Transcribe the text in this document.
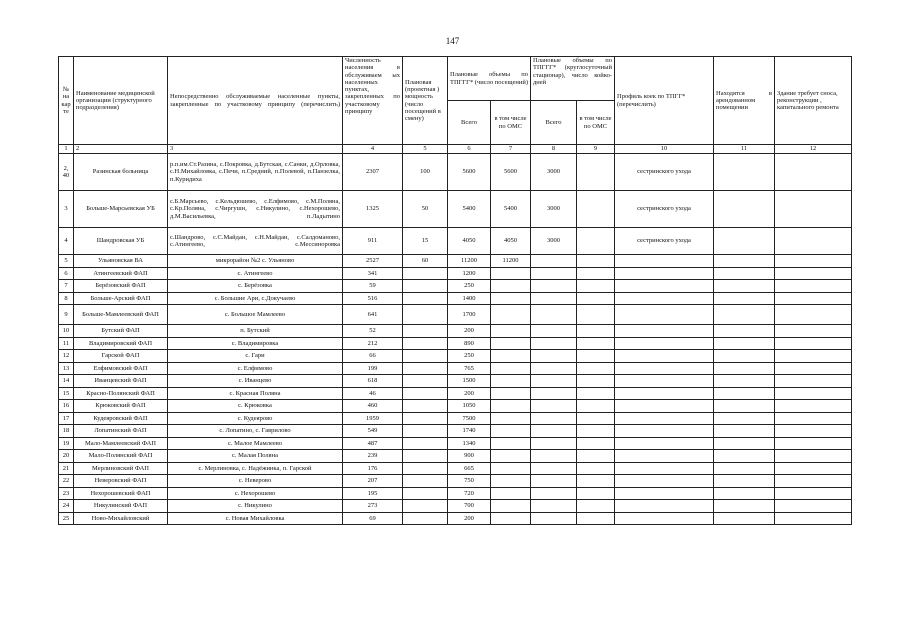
147
№ на кар те	Наименование медицинской организации (структурного подразделения)	Непосредственно обслуживаемые населенные пункты, закрепленные по участковому принципу (перечислить)	Численность населения в обслуживаем ых населенных пунктах, закрепленных по участковому принципу	Плановая (проектная ) мощность (число посещений в смену)	Плановые объемы по ТПГГГ* (число посещений)		Плановые объемы по ТПГГГ* (круглосуточный стационар), число койко-дней		Профиль коек по ТПГГ* (перечислить)	Находятся в арендованном помещении	Здание требует сноса, реконструкции , капитального ремонта
					Всего	в том числе по ОМС	Всего	в том числе по ОМС			
1	2	3	4	5	6	7	8	9	10	11	12
2, 40	Разинская больница	р.п.им.Ст.Разина, с.Покровка, д.Бутская, с.Санки, д.Орловка, с.Н.Михайловка, с.Печи, п.Средний, п.Полевой, п.Панзелка, п.Куридиха	2307	100	5600	5600	3000		сестринского ухода		
3	Больше-Марсьевская УБ	с.Б.Марсьево, с.Кельдюшево, с.Елфимово, с.М.Полянa, с.Кр.Поляна, с.Чиргушн, с.Никулино, с.Нехорошево, д.М.Васильевка, п.Ладытино	1325	50	5400	5400	3000		сестринского ухода		
4	Шандровская УБ	с.Шандровo, с.С.Майдан, с.Н.Майдан, с.Салдомановo, с.Атингеево, с.Мессиноровка	911	15	4050	4050	3000		сестринского ухода		
5	Ульяновская ВА	микрорайон №2 с. Ульяново	2527	60	11200	11200					
6	Атингеевский ФАП	с. Атингеево	341		1200						
7	Берёзовский ФАП	с. Берёзовка	59		250						
8	Больше-Арский ФАП	с. Большие Ари, с.Докучаево	516		1400						
9	Больше-Мамлеевский ФАП	с. Большое Мамлеево	641		1700						
10	Бутский ФАП	п. Бутский	52		200						
11	Владимировский ФАП	с. Владимировка	212		890						
12	Гарской ФАП	с. Гари	66		250						
13	Елфимовский ФАП	с. Елфимово	199		765						
14	Иванцевский ФАП	с. Иванцево	618		1500						
15	Красно-Полянский ФАП	с. Красная Поляна	46		200						
16	Крюковский ФАП	с. Крюковка	460		1050						
17	Кудеяровский ФАП	с. Кудеярово	1959		7500						
18	Лопатинский ФАП	с. Лопатино, с. Гаврилово	549		1740						
19	Мало-Мамлеевский ФАП	с. Малое Мамлеево	487		1340						
20	Мало-Полянский ФАП	с. Малая Поляна	239		900						
21	Мерлиновский ФАП	с. Мерлиновка, с. Надёжинка, п. Гарской	176		665						
22	Неверовский ФАП	с. Неверово	207		750						
23	Нехорошевский ФАП	с. Нехорошево	195		720						
24	Никулинский ФАП	с. Никулино	273		700						
25	Ново-Михайловский	с. Новая Михайловка	69		200						
